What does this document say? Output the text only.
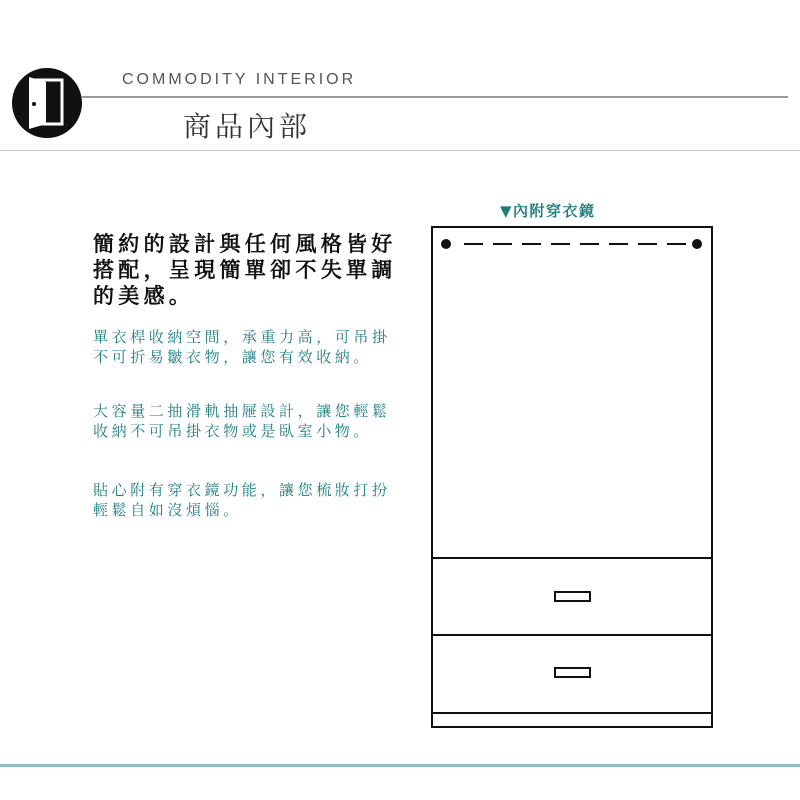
COMMODITY INTERIOR
商品內部
簡約的設計與任何風格皆好
搭配，呈現簡單卻不失單調
的美感。
單衣桿收納空間，承重力高，可吊掛
不可折易皺衣物，讓您有效收納。
大容量二抽滑軌抽屜設計，讓您輕鬆
收納不可吊掛衣物或是臥室小物。
貼心附有穿衣鏡功能，讓您梳妝打扮
輕鬆自如沒煩惱。
▼內附穿衣鏡
